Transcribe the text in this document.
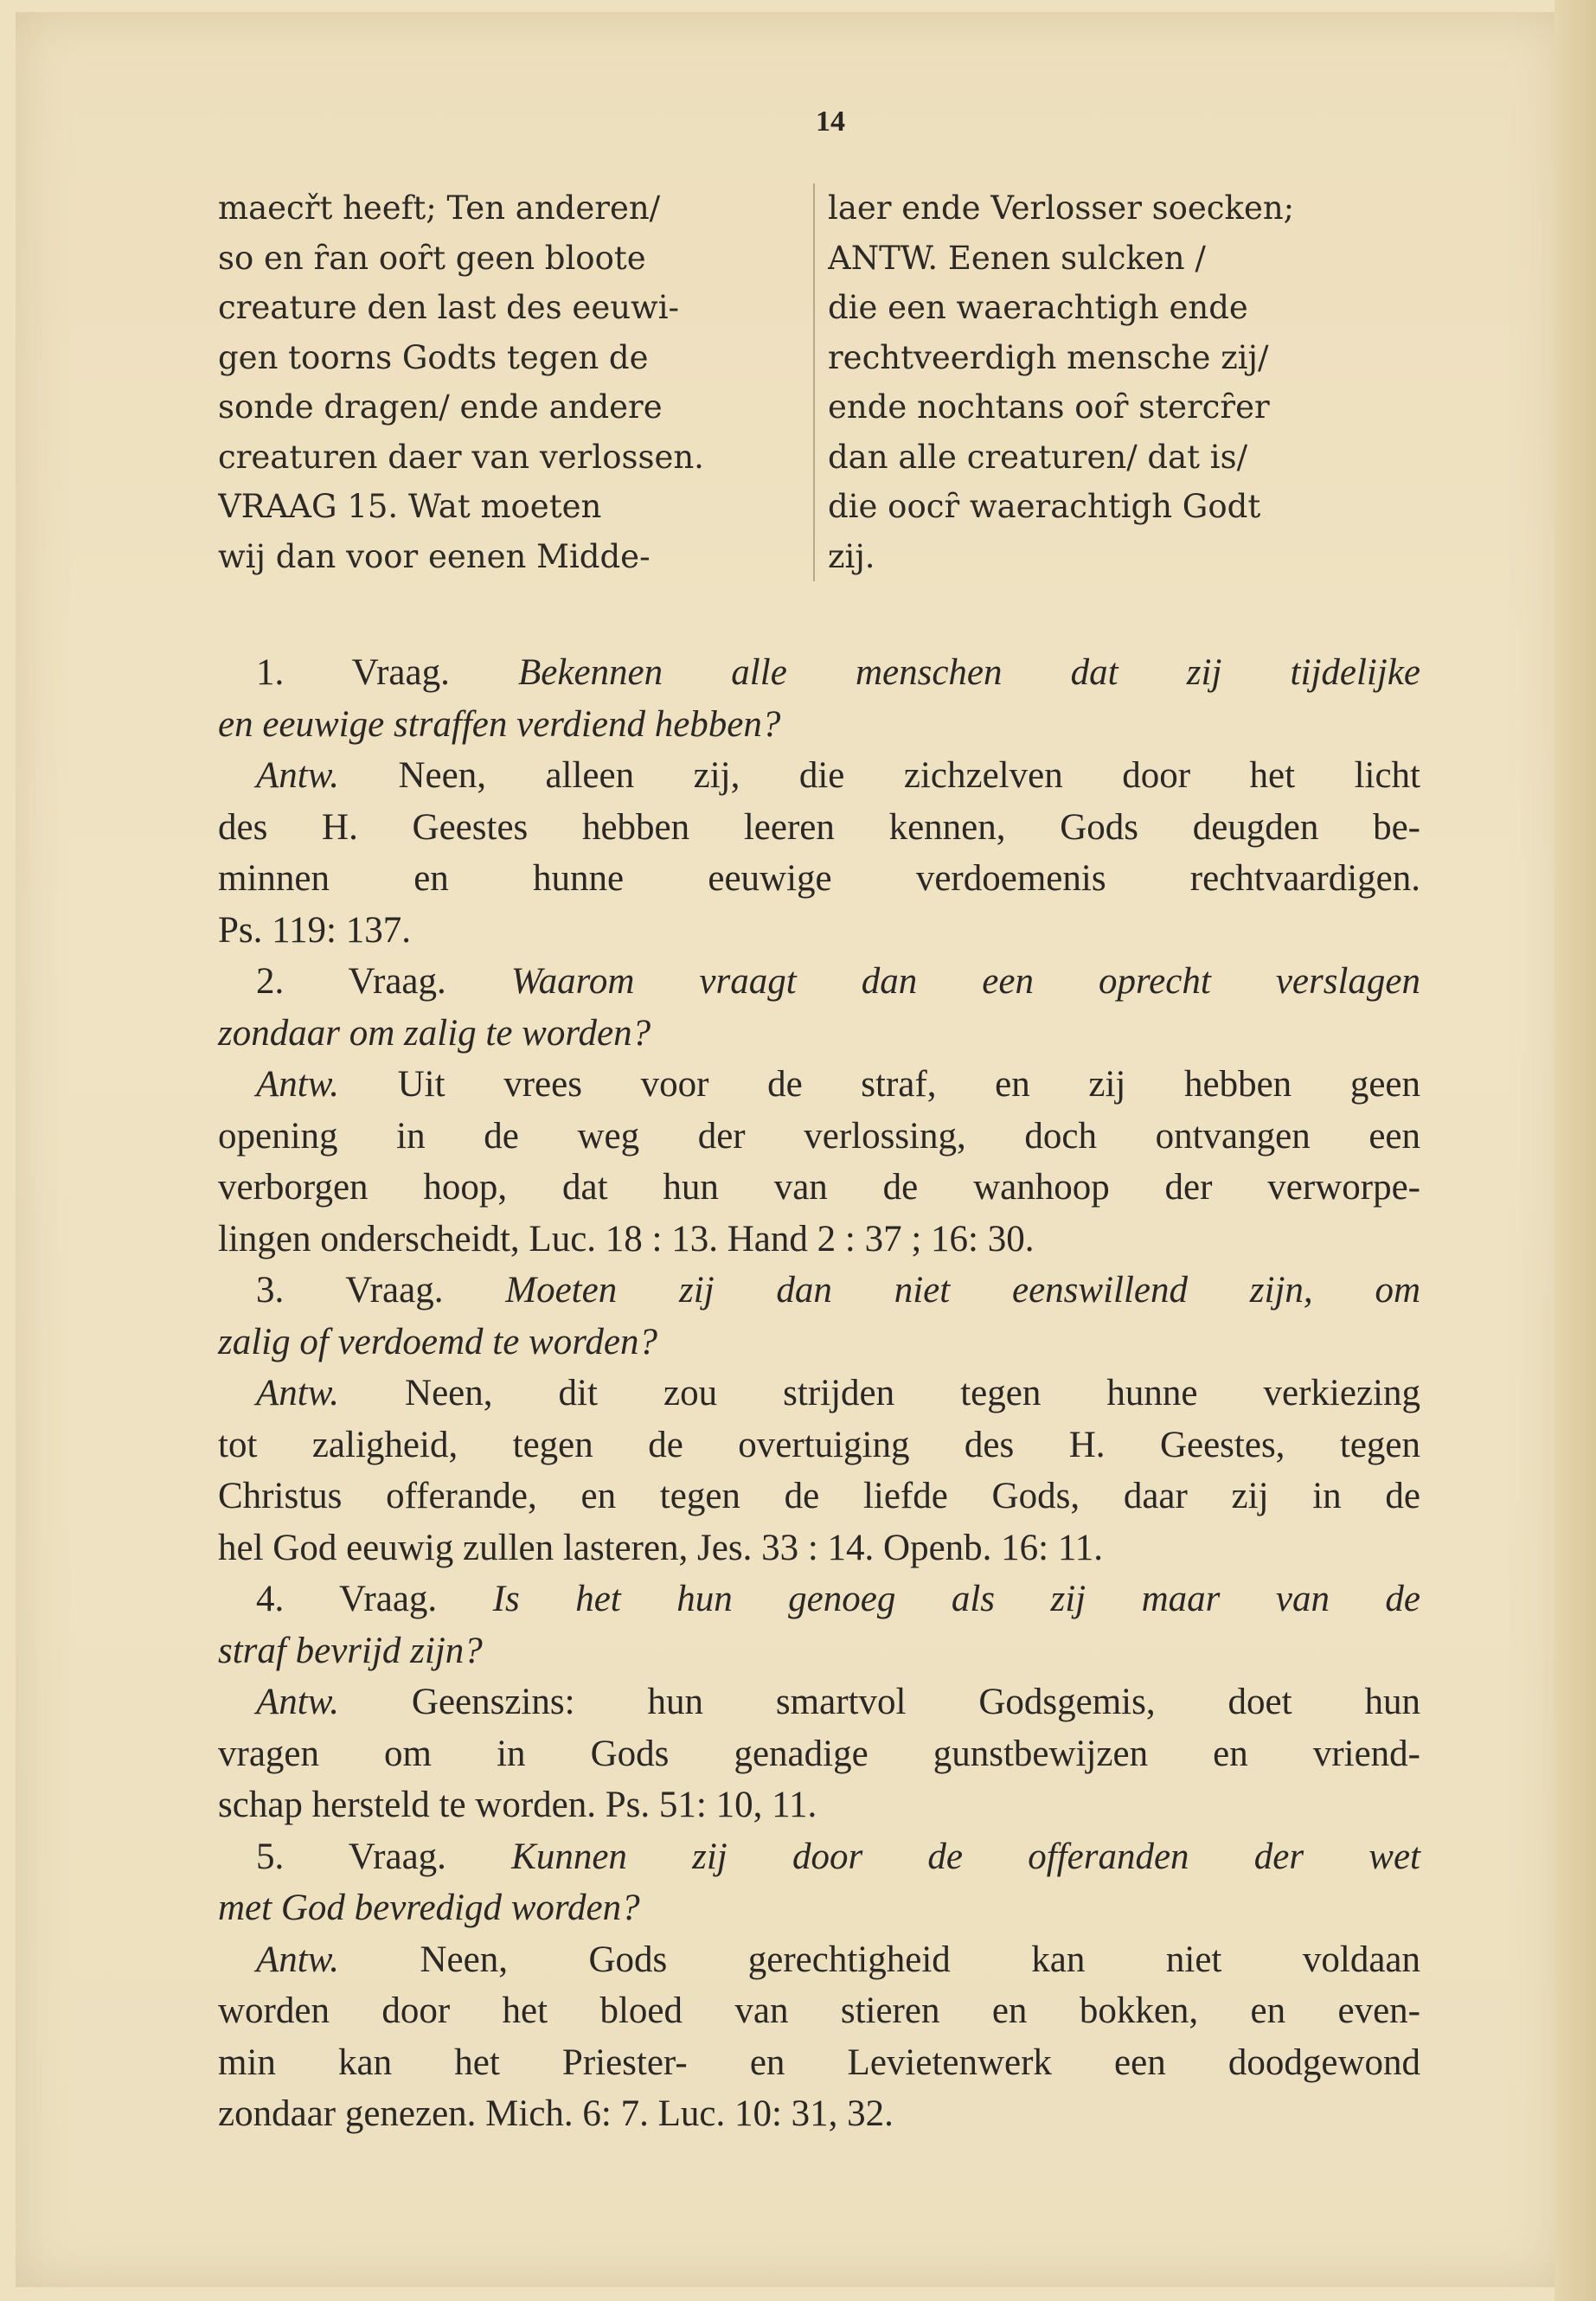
14
maecřt heeft; Ten anderen/
so en ȓan ooȓt geen bloote
creature den last des eeuwi-
gen toorns Godts tegen de
sonde dragen/ ende andere
creaturen daer van verlossen.
VRAAG 15. Wat moeten
wij dan voor eenen Midde-
laer ende Verlosser soecken;
ANTW. Eenen sulcken /
die een waerachtigh ende
rechtveerdigh mensche zij/
ende nochtans ooȓ stercȓer
dan alle creaturen/ dat is/
die oocȓ waerachtigh Godt
zij.
1. Vraag. Bekennen alle menschen dat zij tijdelijke
en eeuwige straffen verdiend hebben?
Antw. Neen, alleen zij, die zichzelven door het licht
des H. Geestes hebben leeren kennen, Gods deugden be-
minnen en hunne eeuwige verdoemenis rechtvaardigen.
Ps. 119: 137.
2. Vraag. Waarom vraagt dan een oprecht verslagen
zondaar om zalig te worden?
Antw. Uit vrees voor de straf, en zij hebben geen
opening in de weg der verlossing, doch ontvangen een
verborgen hoop, dat hun van de wanhoop der verworpe-
lingen onderscheidt, Luc. 18 : 13. Hand 2 : 37 ; 16: 30.
3. Vraag. Moeten zij dan niet eenswillend zijn, om
zalig of verdoemd te worden?
Antw. Neen, dit zou strijden tegen hunne verkiezing
tot zaligheid, tegen de overtuiging des H. Geestes, tegen
Christus offerande, en tegen de liefde Gods, daar zij in de
hel God eeuwig zullen lasteren, Jes. 33 : 14. Openb. 16: 11.
4. Vraag. Is het hun genoeg als zij maar van de
straf bevrijd zijn?
Antw. Geenszins: hun smartvol Godsgemis, doet hun
vragen om in Gods genadige gunstbewijzen en vriend-
schap hersteld te worden. Ps. 51: 10, 11.
5. Vraag. Kunnen zij door de offeranden der wet
met God bevredigd worden?
Antw. Neen, Gods gerechtigheid kan niet voldaan
worden door het bloed van stieren en bokken, en even-
min kan het Priester- en Levietenwerk een doodgewond
zondaar genezen. Mich. 6: 7. Luc. 10: 31, 32.
